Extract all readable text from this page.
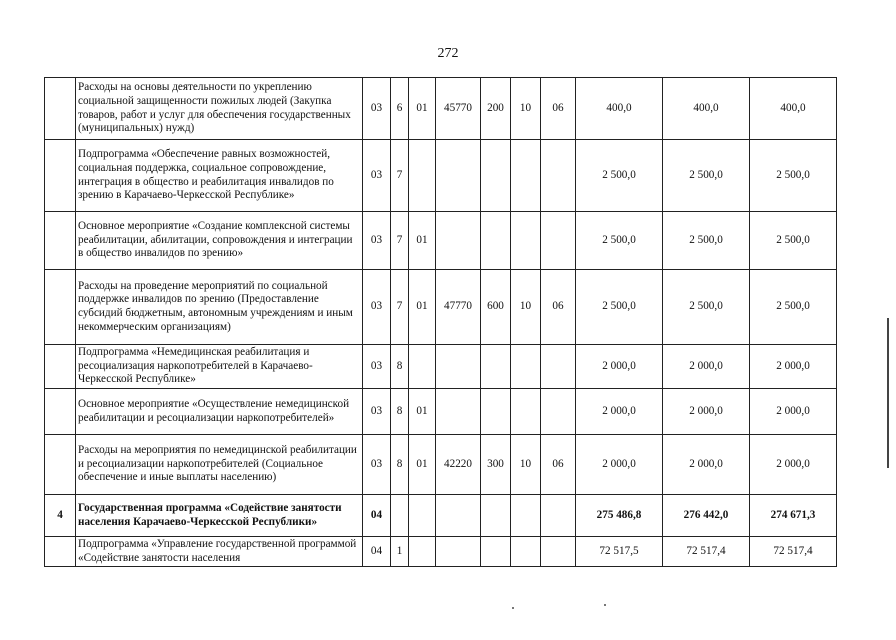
272
	Расходы на основы деятельности по укреплению социальной защищенности пожилых людей (Закупка товаров, работ и услуг для обеспечения государственных (муниципальных) нужд)	03	6	01	45770	200	10	06	400,0	400,0	400,0
	Подпрограмма «Обеспечение равных возможностей, социальная поддержка, социальное сопровождение, интеграция в общество и реабилитация инвалидов по зрению в Карачаево-Черкесской Республике»	03	7						2 500,0	2 500,0	2 500,0
	Основное мероприятие «Создание комплексной системы реабилитации, абилитации, сопровождения и интеграции в общество инвалидов по зрению»	03	7	01					2 500,0	2 500,0	2 500,0
	Расходы на проведение мероприятий по социальной поддержке инвалидов по зрению (Предоставление субсидий бюджетным, автономным учреждениям и иным некоммерческим организациям)	03	7	01	47770	600	10	06	2 500,0	2 500,0	2 500,0
	Подпрограмма «Немедицинская реабилитация и ресоциализация наркопотребителей в Карачаево-Черкесской Республике»	03	8						2 000,0	2 000,0	2 000,0
	Основное мероприятие «Осуществление немедицинской реабилитации и ресоциализации наркопотребителей»	03	8	01					2 000,0	2 000,0	2 000,0
	Расходы на мероприятия по немедицинской реабилитации и ресоциализации наркопотребителей (Социальное обеспечение и иные выплаты населению)	03	8	01	42220	300	10	06	2 000,0	2 000,0	2 000,0
4	Государственная программа «Содействие занятости населения Карачаево-Черкесской Республики»	04							275 486,8	276 442,0	274 671,3
	Подпрограмма «Управление государственной программой «Содействие занятости населения	04	1						72 517,5	72 517,4	72 517,4
